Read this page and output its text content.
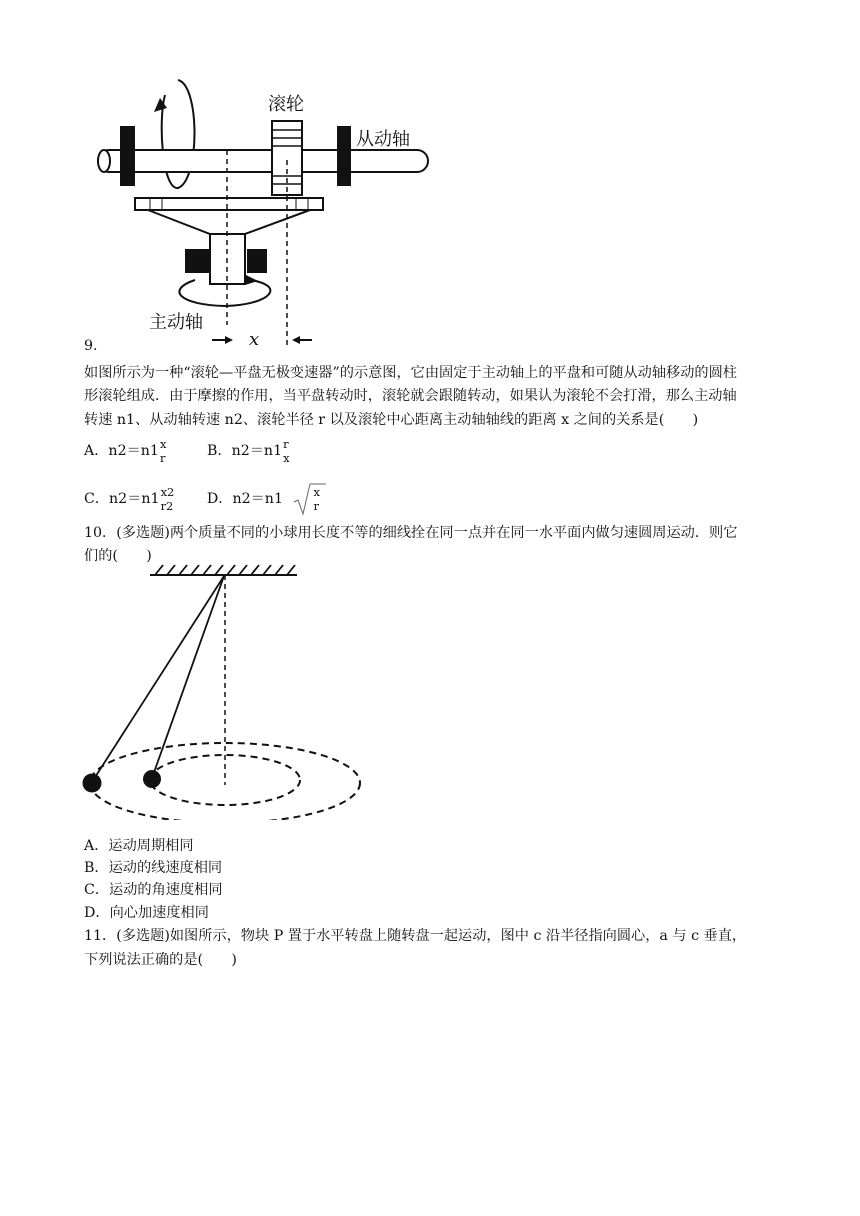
滚轮
从动轴
主动轴
x
9.
如图所示为一种“滚轮—平盘无极变速器”的示意图，它由固定于主动轴上的平盘和可随从动轴移动的圆柱
形滚轮组成．由于摩擦的作用，当平盘转动时，滚轮就会跟随转动，如果认为滚轮不会打滑，那么主动轴
转速 n1、从动轴转速 n2、滚轮半径 r 以及滚轮中心距离主动轴轴线的距离 x 之间的关系是(　　)
A．n2＝n1 x
r	B．n2＝n1 r
x
C．n2＝n1 x2
r2 D．n2＝n1	x
r
10．(多选题)两个质量不同的小球用长度不等的细线拴在同一点并在同一水平面内做匀速圆周运动．则它
们的(　　)
A．运动周期相同
B．运动的线速度相同
C．运动的角速度相同
D．向心加速度相同
11．(多选题)如图所示，物块 P 置于水平转盘上随转盘一起运动，图中 c 沿半径指向圆心，a 与 c 垂直，
下列说法正确的是(　　)
